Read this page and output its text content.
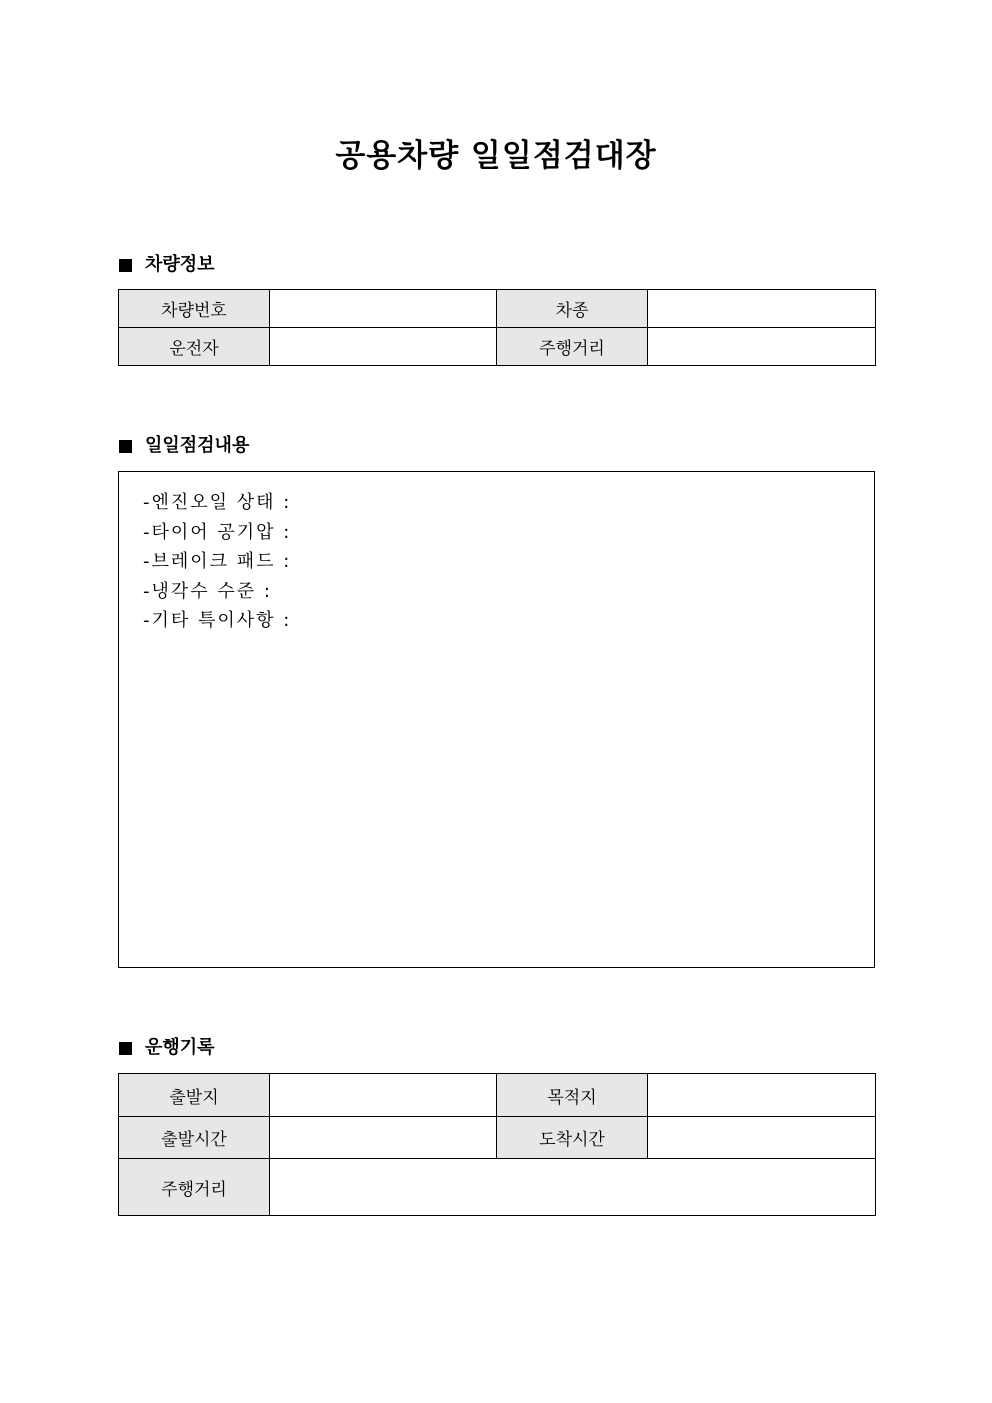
공용차량 일일점검대장
차량정보
차량번호		차종	
운전자		주행거리	
일일점검내용
-엔진오일 상태 :
-타이어 공기압 :
-브레이크 패드 :
-냉각수 수준 :
-기타 특이사항 :
운행기록
출발지		목적지	
출발시간		도착시간	
주행거리			
